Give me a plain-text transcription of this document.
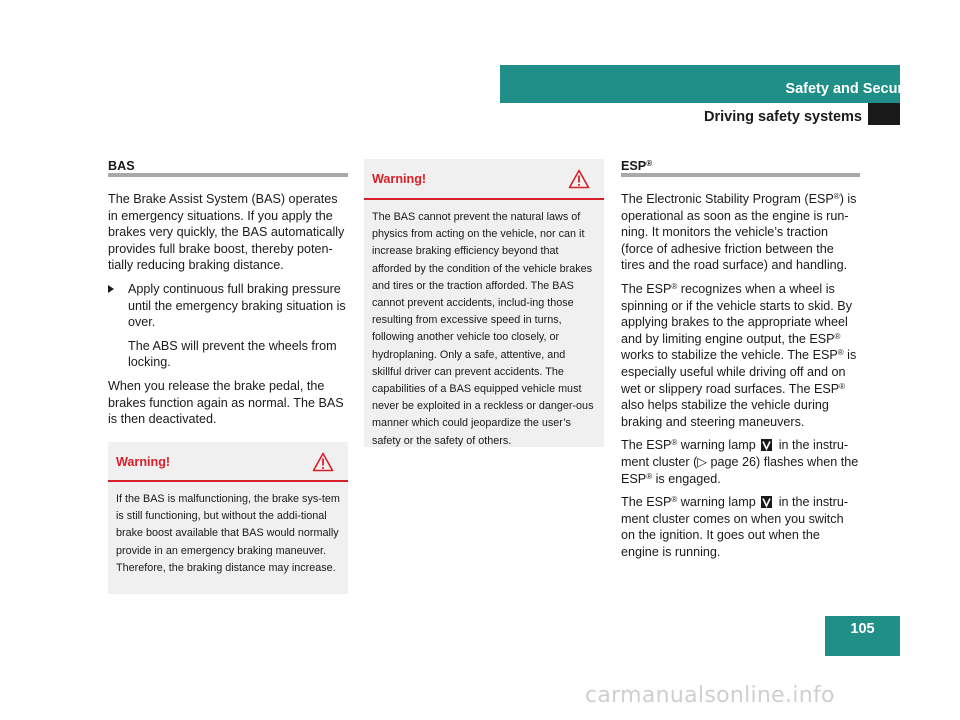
Safety and Security
Driving safety systems
BAS

The Brake Assist System (BAS) operates in emergency situations. If you apply the brakes very quickly, the BAS automatically provides full brake boost, thereby poten-tially reducing braking distance.

Apply continuous full braking pressure until the emergency braking situation is over.
The ABS will prevent the wheels from locking.

When you release the brake pedal, the brakes function again as normal. The BAS is then deactivated.

Warning!
If the BAS is malfunctioning, the brake sys-tem is still functioning, but without the addi-tional brake boost available that BAS would normally provide in an emergency braking maneuver. Therefore, the braking distance may increase.
Warning!
The BAS cannot prevent the natural laws of physics from acting on the vehicle, nor can it increase braking efficiency beyond that afforded by the condition of the vehicle brakes and tires or the traction afforded. The BAS cannot prevent accidents, includ-ing those resulting from excessive speed in turns, following another vehicle too closely, or hydroplaning. Only a safe, attentive, and skillful driver can prevent accidents. The capabilities of a BAS equipped vehicle must never be exploited in a reckless or danger-ous manner which could jeopardize the user’s safety or the safety of others.
ESP®

The Electronic Stability Program (ESP®) is operational as soon as the engine is run-ning. It monitors the vehicle’s traction (force of adhesive friction between the tires and the road surface) and handling.

The ESP® recognizes when a wheel is spinning or if the vehicle starts to skid. By applying brakes to the appropriate wheel and by limiting engine output, the ESP® works to stabilize the vehicle. The ESP® is especially useful while driving off and on wet or slippery road surfaces. The ESP® also helps stabilize the vehicle during braking and steering maneuvers.

The ESP® warning lamp  in the instru-ment cluster (▷ page 26) flashes when the ESP® is engaged.

The ESP® warning lamp  in the instru-ment cluster comes on when you switch on the ignition. It goes out when the engine is running.

105
carmanualsonline.info
